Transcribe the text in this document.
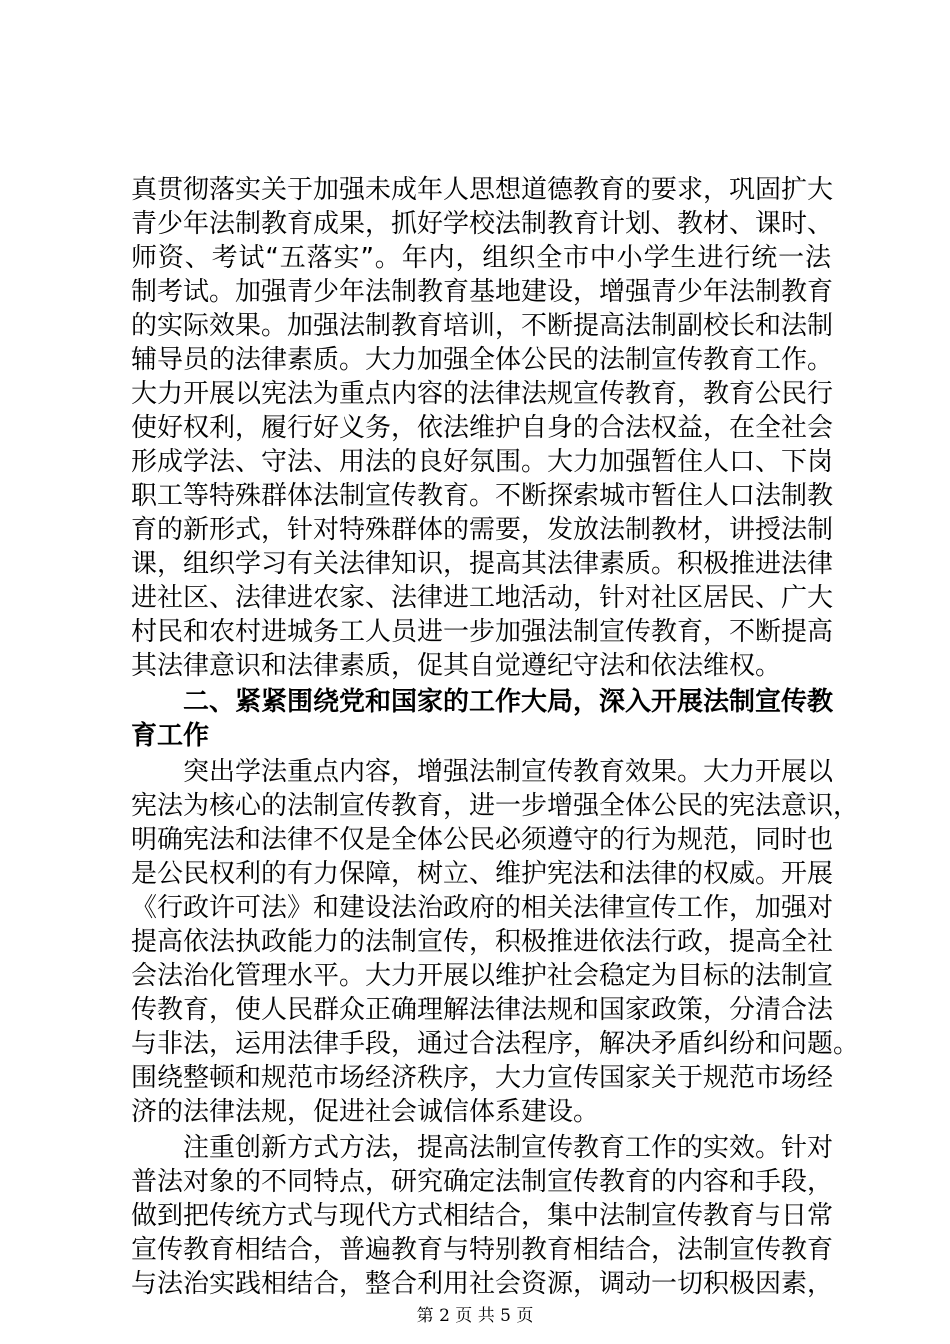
真贯彻落实关于加强未成年人思想道德教育的要求，巩固扩大
青少年法制教育成果，抓好学校法制教育计划、教材、课时、
师资、考试“五落实”。年内，组织全市中小学生进行统一法
制考试。加强青少年法制教育基地建设，增强青少年法制教育
的实际效果。加强法制教育培训，不断提高法制副校长和法制
辅导员的法律素质。大力加强全体公民的法制宣传教育工作。
大力开展以宪法为重点内容的法律法规宣传教育，教育公民行
使好权利，履行好义务，依法维护自身的合法权益，在全社会
形成学法、守法、用法的良好氛围。大力加强暂住人口、下岗
职工等特殊群体法制宣传教育。不断探索城市暂住人口法制教
育的新形式，针对特殊群体的需要，发放法制教材，讲授法制
课，组织学习有关法律知识，提高其法律素质。积极推进法律
进社区、法律进农家、法律进工地活动，针对社区居民、广大
村民和农村进城务工人员进一步加强法制宣传教育，不断提高
其法律意识和法律素质，促其自觉遵纪守法和依法维权。
二、紧紧围绕党和国家的工作大局，深入开展法制宣传教
育工作
突出学法重点内容，增强法制宣传教育效果。大力开展以
宪法为核心的法制宣传教育，进一步增强全体公民的宪法意识，
明确宪法和法律不仅是全体公民必须遵守的行为规范，同时也
是公民权利的有力保障，树立、维护宪法和法律的权威。开展
《行政许可法》和建设法治政府的相关法律宣传工作，加强对
提高依法执政能力的法制宣传，积极推进依法行政，提高全社
会法治化管理水平。大力开展以维护社会稳定为目标的法制宣
传教育，使人民群众正确理解法律法规和国家政策，分清合法
与非法，运用法律手段，通过合法程序，解决矛盾纠纷和问题。
围绕整顿和规范市场经济秩序，大力宣传国家关于规范市场经
济的法律法规，促进社会诚信体系建设。
注重创新方式方法，提高法制宣传教育工作的实效。针对
普法对象的不同特点，研究确定法制宣传教育的内容和手段，
做到把传统方式与现代方式相结合，集中法制宣传教育与日常
宣传教育相结合，普遍教育与特别教育相结合，法制宣传教育
与法治实践相结合，整合利用社会资源，调动一切积极因素，
第 2 页 共 5 页
